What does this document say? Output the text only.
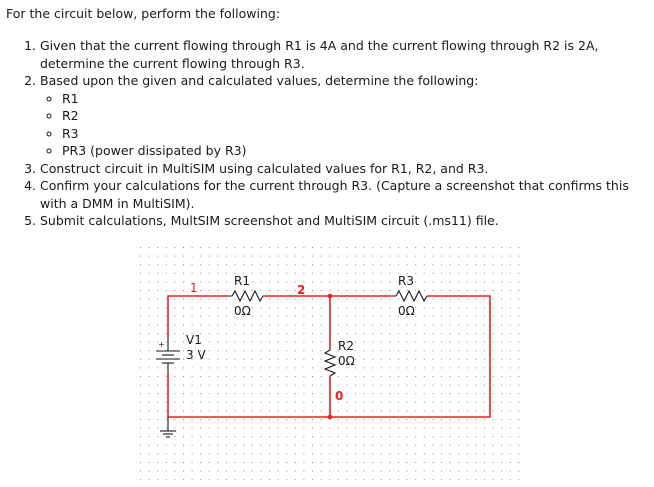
For the circuit below, perform the following:

1. Given that the current flowing through R1 is 4A and the current flowing through R2 is 2A, determine the current flowing through R3.
2. Based upon the given and calculated values, determine the following:
◦ R1
◦ R2
◦ R3
◦ PR3 (power dissipated by R3)
3. Construct circuit in MultiSIM using calculated values for R1, R2, and R3.
4. Confirm your calculations for the current through R3. (Capture a screenshot that confirms this with a DMM in MultiSIM).
5. Submit calculations, MultSIM screenshot and MultiSIM circuit (.ms11) file.
+
1	2
0
R1
0Ω
R3
0Ω
R2
0Ω
V1
3 V
